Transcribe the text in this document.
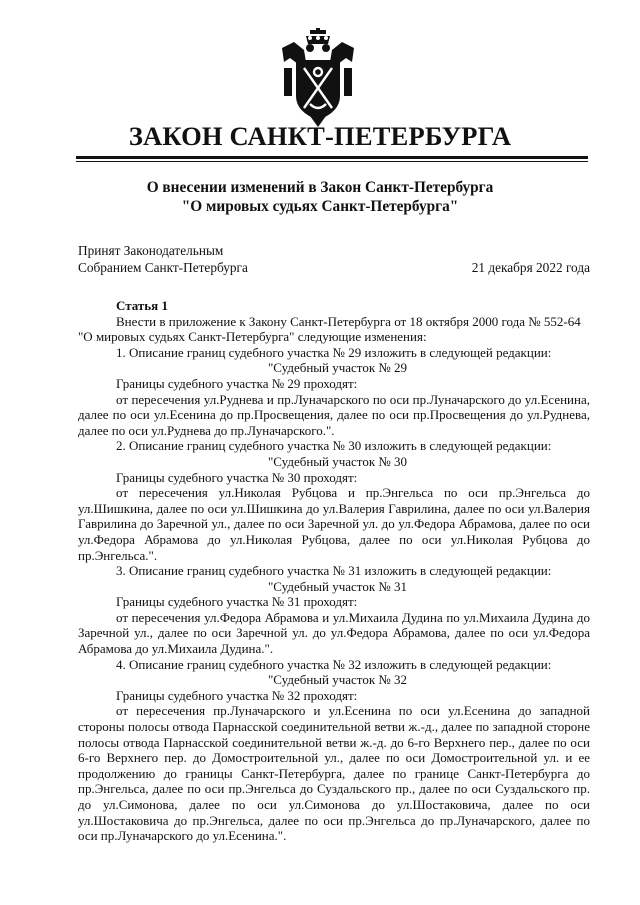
ЗАКОН САНКТ-ПЕТЕРБУРГА
О внесении изменений в Закон Санкт-Петербурга
"О мировых судьях Санкт-Петербурга"
Принят Законодательным
Собранием Санкт-Петербурга	21 декабря 2022 года

Статья 1

Внести в приложение к Закону Санкт-Петербурга от 18 октября 2000 года № 552-64

"О мировых судьях Санкт-Петербурга" следующие изменения:

1. Описание границ судебного участка № 29 изложить в следующей редакции:

"Судебный участок № 29

Границы судебного участка № 29 проходят:

от пересечения ул.Руднева и пр.Луначарского по оси пр.Луначарского до ул.Есенина, далее по оси ул.Есенина до пр.Просвещения, далее по оси пр.Просвещения до ул.Руднева, далее по оси ул.Руднева до пр.Луначарского.".

2. Описание границ судебного участка № 30 изложить в следующей редакции:

"Судебный участок № 30

Границы судебного участка № 30 проходят:

от пересечения ул.Николая Рубцова и пр.Энгельса по оси пр.Энгельса до ул.Шишкина, далее по оси ул.Шишкина до ул.Валерия Гаврилина, далее по оси ул.Валерия Гаврилина до Заречной ул., далее по оси Заречной ул. до ул.Федора Абрамова, далее по оси ул.Федора Абрамова до ул.Николая Рубцова, далее по оси ул.Николая Рубцова до пр.Энгельса.".

3. Описание границ судебного участка № 31 изложить в следующей редакции:

"Судебный участок № 31

Границы судебного участка № 31 проходят:

от пересечения ул.Федора Абрамова и ул.Михаила Дудина по ул.Михаила Дудина до Заречной ул., далее по оси Заречной ул. до ул.Федора Абрамова, далее по оси ул.Федора Абрамова до ул.Михаила Дудина.".

4. Описание границ судебного участка № 32 изложить в следующей редакции:

"Судебный участок № 32

Границы судебного участка № 32 проходят:

от пересечения пр.Луначарского и ул.Есенина по оси ул.Есенина до западной стороны полосы отвода Парнасской соединительной ветви ж.-д., далее по западной стороне полосы отвода Парнасской соединительной ветви ж.-д. до 6-го Верхнего пер., далее по оси 6-го Верхнего пер. до Домостроительной ул., далее по оси Домостроительной ул. и ее продолжению до границы Санкт-Петербурга, далее по границе Санкт-Петербурга до пр.Энгельса, далее по оси пр.Энгельса до Суздальского пр., далее по оси Суздальского пр. до ул.Симонова, далее по оси ул.Симонова до ул.Шостаковича, далее по оси ул.Шостаковича до пр.Энгельса, далее по оси пр.Энгельса до пр.Луначарского, далее по оси пр.Луначарского до ул.Есенина.".
